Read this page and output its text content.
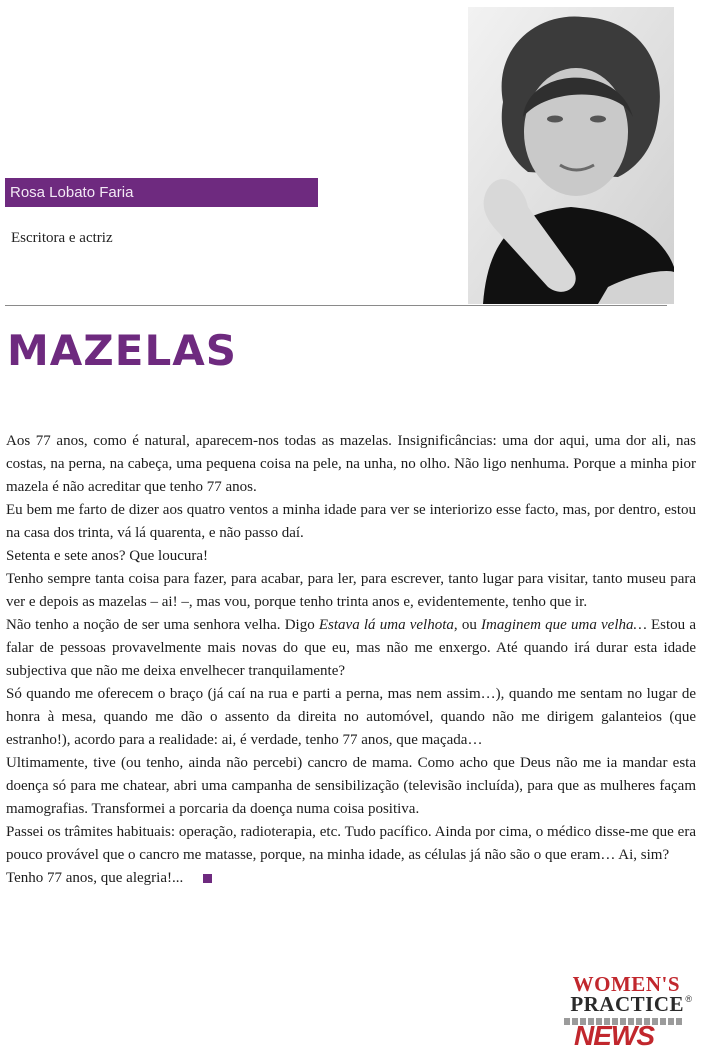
Rosa Lobato Faria
Escritora e actriz
MAZELAS

Aos 77 anos, como é natural, aparecem-nos todas as mazelas. Insignificâncias: uma dor aqui, uma dor ali, nas costas, na perna, na cabeça, uma pequena coisa na pele, na unha, no olho. Não ligo nenhuma. Porque a minha pior mazela é não acreditar que tenho 77 anos.

Eu bem me farto de dizer aos quatro ventos a minha idade para ver se interiorizo esse facto, mas, por dentro, estou na casa dos trinta, vá lá quarenta, e não passo daí.

Setenta e sete anos? Que loucura!

Tenho sempre tanta coisa para fazer, para acabar, para ler, para escrever, tanto lugar para visitar, tanto museu para ver e depois as mazelas – ai! –, mas vou, porque tenho trinta anos e, evidentemente, tenho que ir.

Não tenho a noção de ser uma senhora velha. Digo Estava lá uma velhota, ou Imaginem que uma velha… Estou a falar de pessoas provavelmente mais novas do que eu, mas não me enxergo. Até quando irá durar esta idade subjectiva que não me deixa envelhecer tranquilamente?

Só quando me oferecem o braço (já caí na rua e parti a perna, mas nem assim…), quando me sentam no lugar de honra à mesa, quando me dão o assento da direita no automóvel, quando não me dirigem galanteios (que estranho!), acordo para a realidade: ai, é verdade, tenho 77 anos, que maçada…

Ultimamente, tive (ou tenho, ainda não percebi) cancro de mama. Como acho que Deus não me ia mandar esta doença só para me chatear, abri uma campanha de sensibilização (televisão incluída), para que as mulheres façam mamografias. Transformei a porcaria da doença numa coisa positiva.

Passei os trâmites habituais: operação, radioterapia, etc. Tudo pacífico. Ainda por cima, o médico disse-me que era pouco provável que o cancro me matasse, porque, na minha idade, as células já não são o que eram… Ai, sim?

Tenho 77 anos, que alegria!...

WOMEN'S
PRACTICE ®
NEWS
